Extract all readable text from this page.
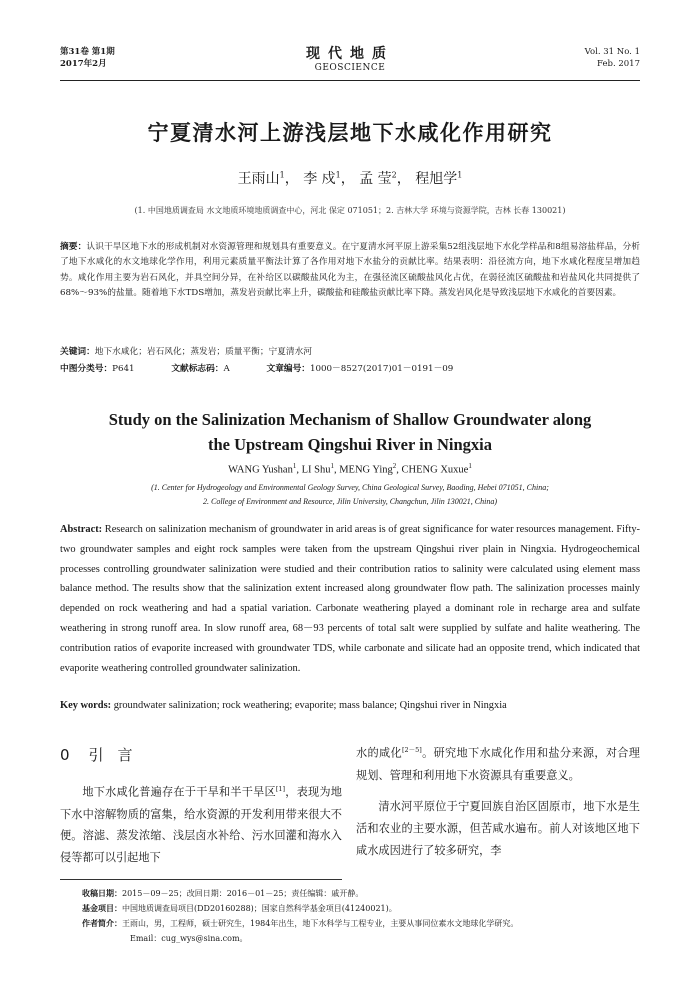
第31卷 第1期
2017年2月
现代地质
GEOSCIENCE
Vol. 31 No. 1
Feb. 2017
宁夏清水河上游浅层地下水咸化作用研究
王雨山$^1$， 李 戍$^1$， 孟 莹$^2$， 程旭学$^1$
(1. 中国地质调查局 水文地质环境地质调查中心，河北 保定 071051；2. 吉林大学 环境与资源学院，吉林 长春 130021)
摘要：认识干旱区地下水的形成机制对水资源管理和规划具有重要意义。在宁夏清水河平原上游采集52组浅层地下水化学样品和8组易溶盐样品，分析了地下水咸化的水文地球化学作用，利用元素质量平衡法计算了各作用对地下水盐分的贡献比率。结果表明：沿径流方向，地下水咸化程度呈增加趋势。咸化作用主要为岩石风化，并具空间分异，在补给区以碳酸盐风化为主，在强径流区硫酸盐风化占优，在弱径流区硫酸盐和岩盐风化共同提供了68%～93%的盐量。随着地下水TDS增加，蒸发岩贡献比率上升，碳酸盐和硅酸盐贡献比率下降。蒸发岩风化是导致浅层地下水咸化的首要因素。
关键词：地下水咸化；岩石风化；蒸发岩；质量平衡；宁夏清水河
中图分类号：P641	文献标志码：A	文章编号：1000－8527(2017)01－0191－09
Study on the Salinization Mechanism of Shallow Groundwater along
the Upstream Qingshui River in Ningxia
WANG Yushan$^1$, LI Shu$^1$, MENG Ying$^2$, CHENG Xuxue$^1$
(1. Center for Hydrogeology and Environmental Geology Survey, China Geological Survey, Baoding, Hebei 071051, China;
2. College of Environment and Resource, Jilin University, Changchun, Jilin 130021, China)
Abstract: Research on salinization mechanism of groundwater in arid areas is of great significance for water resources management. Fifty-two groundwater samples and eight rock samples were taken from the upstream Qingshui river plain in Ningxia. Hydrogeochemical processes controlling groundwater salinization were studied and their contribution ratios to salinity were calculated using element mass balance method. The results show that the salinization extent increased along groundwater flow path. The salinization processes mainly depended on rock weathering and had a spatial variation. Carbonate weathering played a dominant role in recharge area and sulfate weathering in strong runoff area. In slow runoff area, 68－93 percents of total salt were supplied by sulfate and halite weathering. The contribution ratios of evaporite increased with groundwater TDS, while carbonate and silicate had an opposite trend, which indicated that evaporite weathering controlled groundwater salinization.
Key words: groundwater salinization; rock weathering; evaporite; mass balance; Qingshui river in Ningxia
0 引言

地下水咸化普遍存在于干旱和半干旱区[1]，表现为地下水中溶解物质的富集，给水资源的开发利用带来很大不便。溶滤、蒸发浓缩、浅层卤水补给、污水回灌和海水入侵等都可以引起地下

水的咸化[2－5]。研究地下水咸化作用和盐分来源，对合理规划、管理和利用地下水资源具有重要意义。

清水河平原位于宁夏回族自治区固原市，地下水是生活和农业的主要水源，但苦咸水遍布。前人对该地区地下咸水成因进行了较多研究，李

收稿日期：2015－09－25；改回日期：2016－01－25；责任编辑：戚开静。
基金项目：中国地质调查局项目(DD20160288)；国家自然科学基金项目(41240021)。
作者简介：王雨山，男，工程师，硕士研究生，1984年出生，地下水科学与工程专业，主要从事同位素水文地球化学研究。
Email：cug_wys@sina.com。
